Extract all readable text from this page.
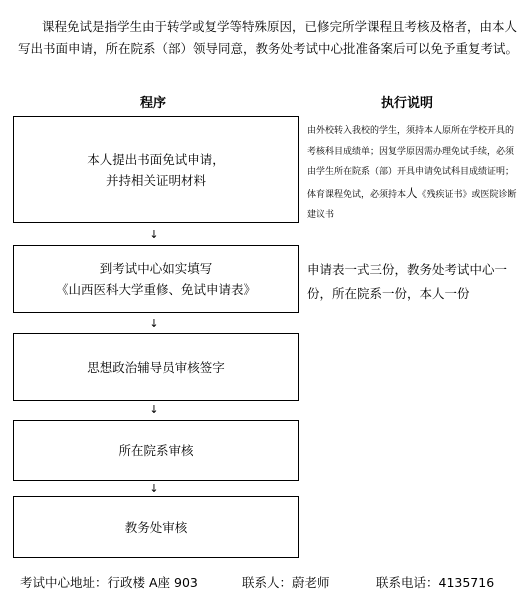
课程免试是指学生由于转学或复学等特殊原因，已修完所学课程且考核及格者，由本人写出书面申请，所在院系（部）领导同意，教务处考试中心批准备案后可以免予重复考试。
程序	执行说明
本人提出书面免试申请，
并持相关证明材料
↓
到考试中心如实填写
《山西医科大学重修、免试申请表》
↓
思想政治辅导员审核签字
↓
所在院系审核
↓
教务处审核
由外校转入我校的学生，须持本人原所在学校开具的考核科目成绩单；因复学原因需办理免试手续，必须由学生所在院系（部）开具申请免试科目成绩证明；体育课程免试，必须持本人《残疾证书》或医院诊断建议书
申请表一式三份，教务处考试中心一份，所在院系一份，本人一份
考试中心地址：行政楼 A座 903	联系人：蔚老师	联系电话：4135716
